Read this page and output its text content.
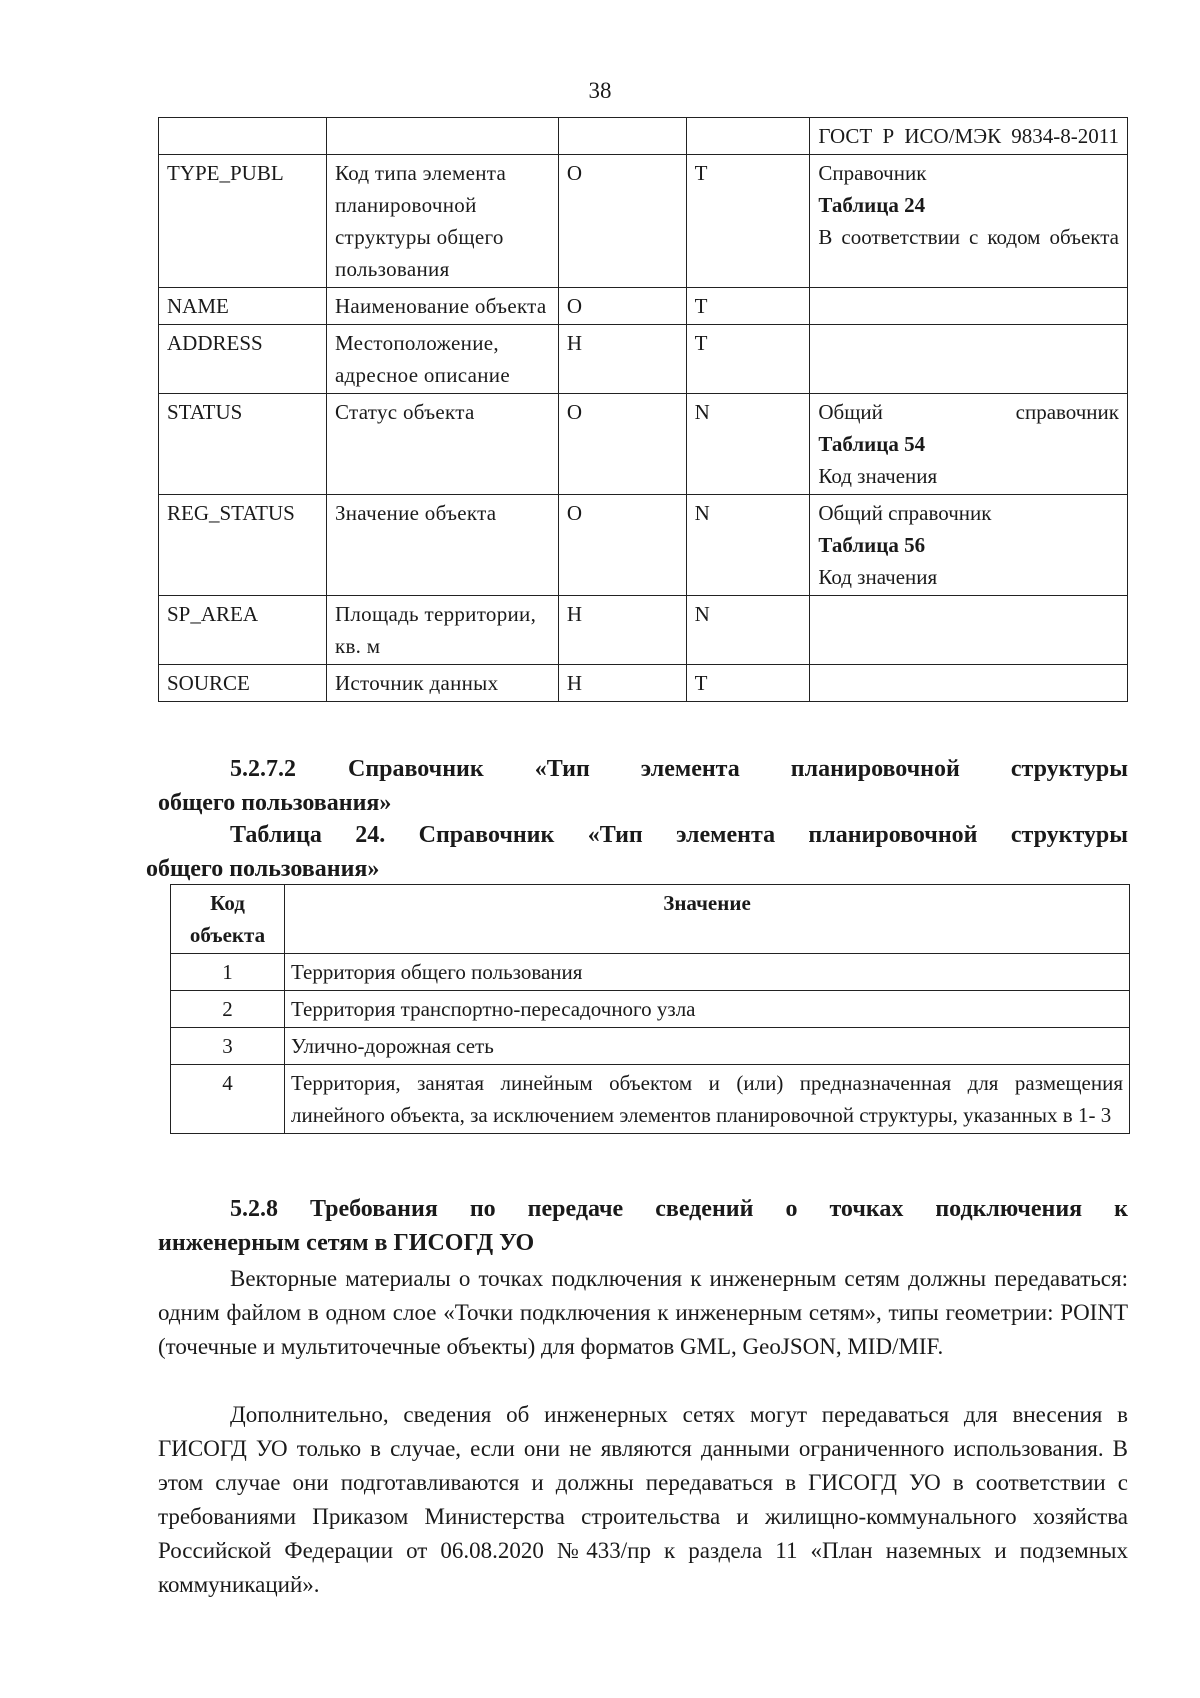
38

				ГОСТ Р ИСО/МЭК 9834-8-2011

TYPE_PUBL	Код типа элемента планировочной структуры общего пользования	О	T	Справочник
Таблица 24
В соответствии с кодом объекта

NAME	Наименование объекта	О	T	
ADDRESS	Местоположение, адресное описание	Н	T	
STATUS	Статус объекта	О	N	Общий справочник
Таблица 54
Код значения

REG_STATUS	Значение объекта	О	N	Общий справочник
Таблица 56
Код значения

SP_AREA	Площадь территории, кв. м	Н	N	
SOURCE	Источник данных	Н	T	
5.2.7.2 Справочник «Тип элемента планировочной структуры
общего пользования»
Таблица 24. Справочник «Тип элемента планировочной структуры
общего пользования»
Код объекта	Значение
1	Территория общего пользования
2	Территория транспортно-пересадочного узла
3	Улично-дорожная сеть
4	Территория, занятая линейным объектом и (или) предназначенная для размещения линейного объекта, за исключением элементов планировочной структуры, указанных в 1- 3
5.2.8 Требования по передаче сведений о точках подключения к
инженерным сетям в ГИСОГД УО
Векторные материалы о точках подключения к инженерным сетям должны передаваться: одним файлом в одном слое «Точки подключения к инженерным сетям», типы геометрии: POINT (точечные и мультиточечные объекты) для форматов GML, GeoJSON, MID/MIF.
Дополнительно, сведения об инженерных сетях могут передаваться для внесения в ГИСОГД УО только в случае, если они не являются данными ограниченного использования. В этом случае они подготавливаются и должны передаваться в ГИСОГД УО в соответствии с требованиями Приказом Министерства строительства и жилищно-коммунального хозяйства Российской Федерации от 06.08.2020 №433/пр к раздела 11 «План наземных и подземных коммуникаций».
